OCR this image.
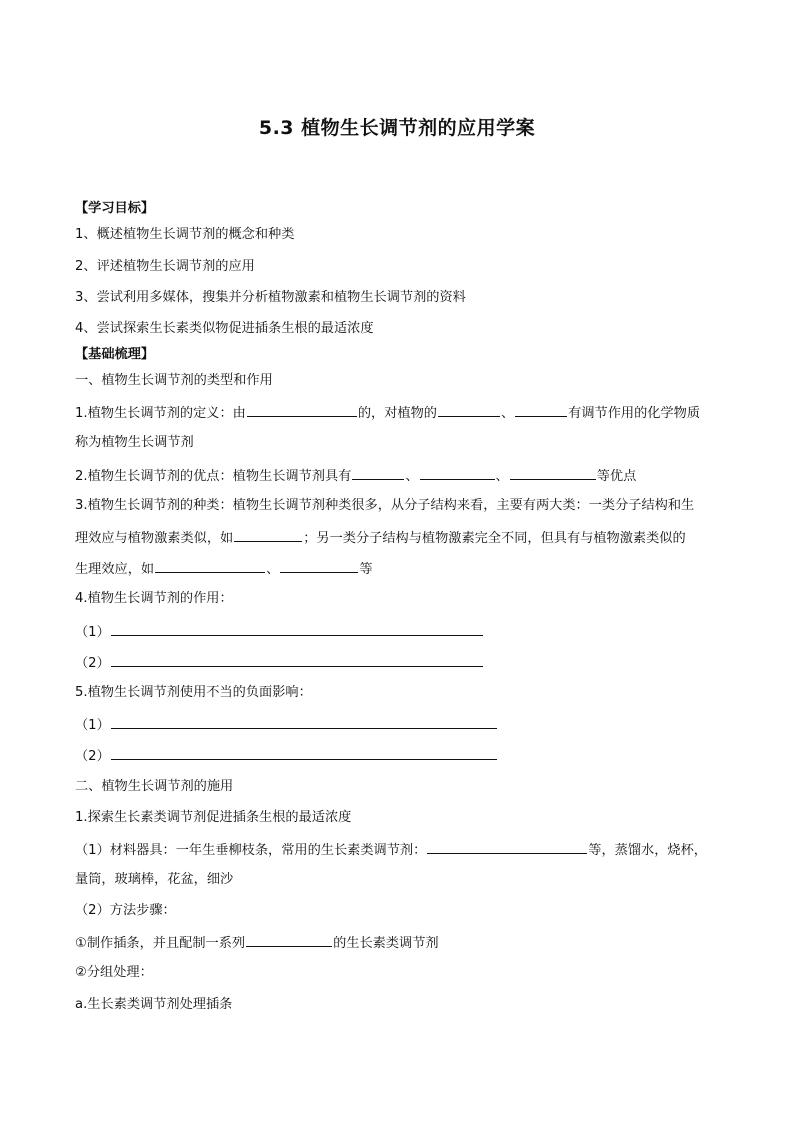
5.3 植物生长调节剂的应用学案
【学习目标】
1、概述植物生长调节剂的概念和种类
2、评述植物生长调节剂的应用
3、尝试利用多媒体，搜集并分析植物激素和植物生长调节剂的资料
4、尝试探索生长素类似物促进插条生根的最适浓度
【基础梳理】
一、植物生长调节剂的类型和作用
1.植物生长调节剂的定义：由	的，对植物的	、	有调节作用的化学物质
称为植物生长调节剂
2.植物生长调节剂的优点：植物生长调节剂具有	、	、	等优点
3.植物生长调节剂的种类：植物生长调节剂种类很多，从分子结构来看，主要有两大类：一类分子结构和生
理效应与植物激素类似，如	；另一类分子结构与植物激素完全不同，但具有与植物激素类似的
生理效应，如	、	等
4.植物生长调节剂的作用：
（1）
（2）
5.植物生长调节剂使用不当的负面影响：
（1）
（2）
二、植物生长调节剂的施用
1.探索生长素类调节剂促进插条生根的最适浓度
（1）材料器具：一年生垂柳枝条，常用的生长素类调节剂：	等，蒸馏水，烧杯，
量筒，玻璃棒，花盆，细沙
（2）方法步骤：
①制作插条，并且配制一系列	的生长素类调节剂
②分组处理：
a.生长素类调节剂处理插条
